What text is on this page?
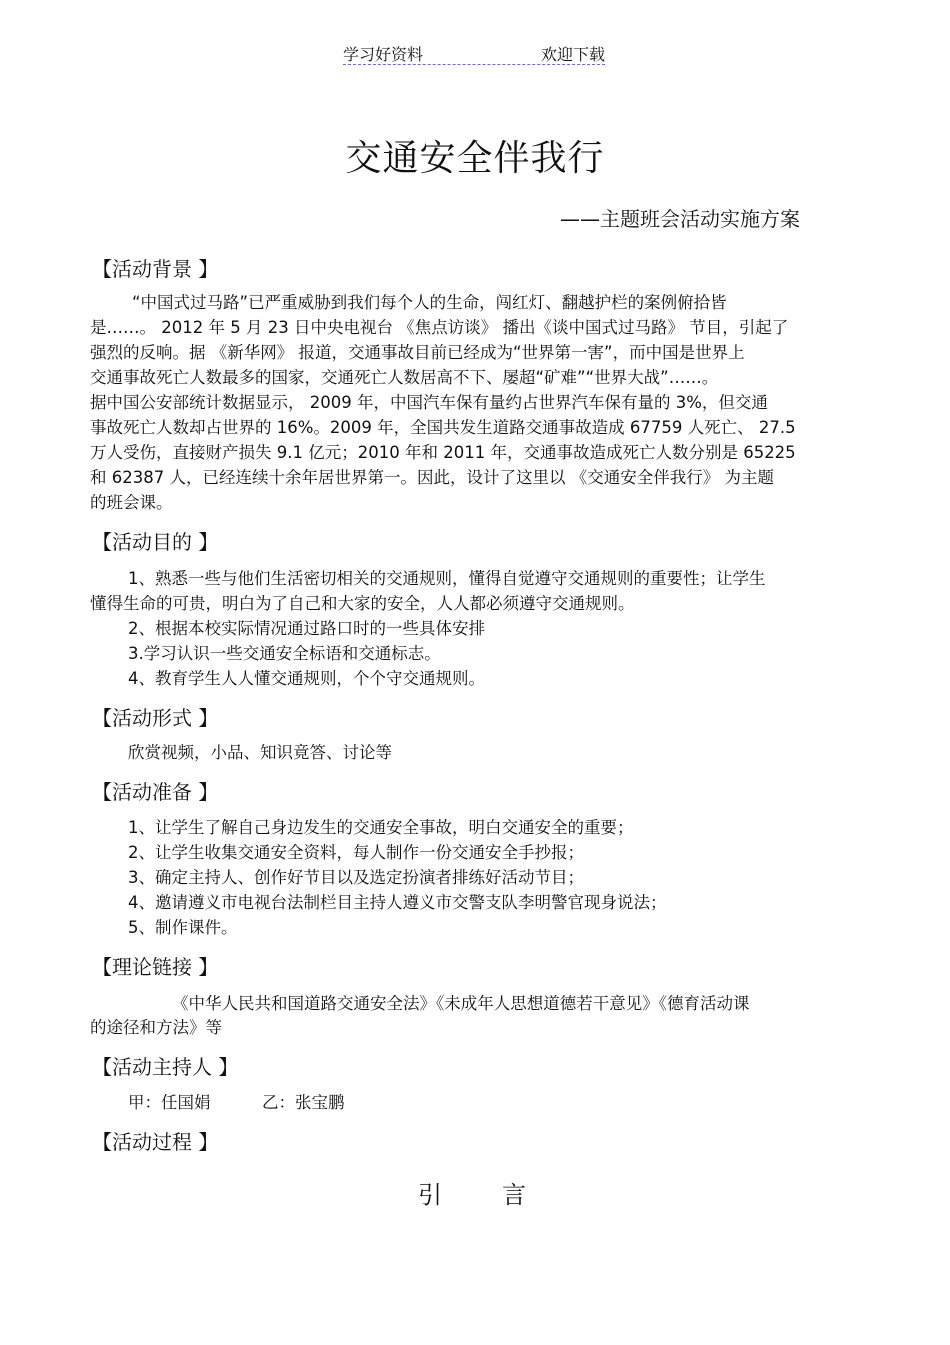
学习好资料	欢迎下载
交通安全伴我行
——主题班会活动实施方案
【活动背景 】
“中国式过马路”已严重威胁到我们每个人的生命，闯红灯、翻越护栏的案例俯拾皆
是……。 2012 年 5 月 23 日中央电视台 《焦点访谈》 播出《谈中国式过马路》 节目，引起了
强烈的反响。据 《新华网》 报道，交通事故目前已经成为“世界第一害”，而中国是世界上
交通事故死亡人数最多的国家，交通死亡人数居高不下、屡超“矿难”“世界大战”……。
据中国公安部统计数据显示， 2009 年，中国汽车保有量约占世界汽车保有量的 3%，但交通
事故死亡人数却占世界的 16%。2009 年，全国共发生道路交通事故造成 67759 人死亡、 27.5
万人受伤，直接财产损失 9.1 亿元；2010 年和 2011 年，交通事故造成死亡人数分别是 65225
和 62387 人，已经连续十余年居世界第一。因此，设计了这里以 《交通安全伴我行》 为主题
的班会课。
【活动目的 】
1、熟悉一些与他们生活密切相关的交通规则，懂得自觉遵守交通规则的重要性；让学生
懂得生命的可贵，明白为了自己和大家的安全，人人都必须遵守交通规则。
2、根据本校实际情况通过路口时的一些具体安排
3.学习认识一些交通安全标语和交通标志。
4、教育学生人人懂交通规则，个个守交通规则。
【活动形式 】
欣赏视频，小品、知识竟答、讨论等
【活动准备 】
1、让学生了解自己身边发生的交通安全事故，明白交通安全的重要；
2、让学生收集交通安全资料，每人制作一份交通安全手抄报；
3、确定主持人、创作好节目以及选定扮演者排练好活动节目；
4、邀请遵义市电视台法制栏目主持人遵义市交警支队李明警官现身说法；
5、制作课件。
【理论链接 】
《中华人民共和国道路交通安全法》《未成年人思想道德若干意见》《德育活动课
的途径和方法》等
【活动主持人 】
甲：任国娟	乙：张宝鹏
【活动过程 】
引言
